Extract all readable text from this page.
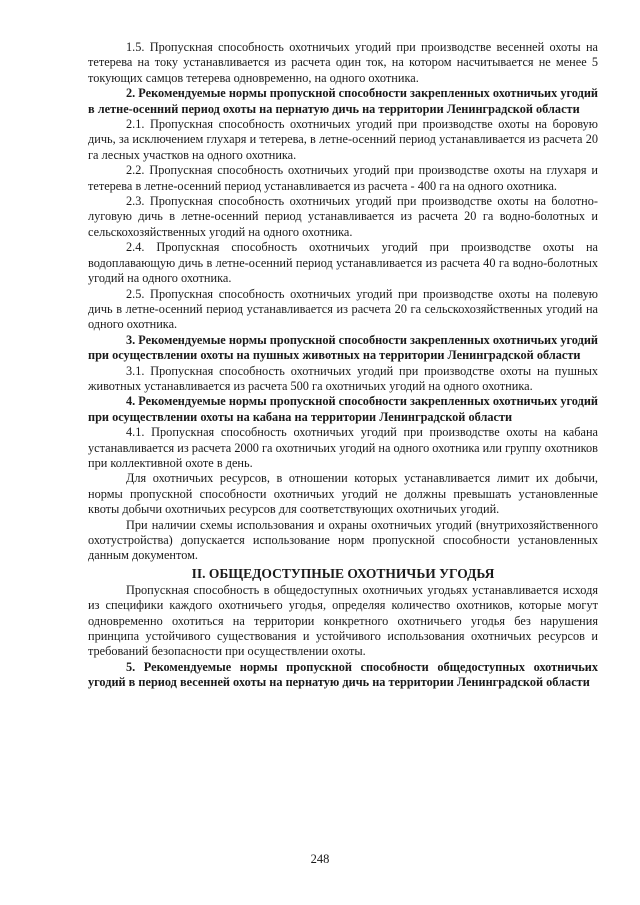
1.5. Пропускная способность охотничьих угодий при производстве весенней охоты на тетерева на току устанавливается из расчета один ток, на котором насчитывается не менее 5 токующих самцов тетерева одновременно, на одного охотника.

2. Рекомендуемые нормы пропускной способности закрепленных охотничьих угодий в летне-осенний период охоты на пернатую дичь на территории Ленинградской области

2.1. Пропускная способность охотничьих угодий при производстве охоты на боровую дичь, за исключением глухаря и тетерева, в летне-осенний период устанавливается из расчета 20 га лесных участков на одного охотника.

2.2. Пропускная способность охотничьих угодий при производстве охоты на глухаря и тетерева в летне-осенний период устанавливается из расчета - 400 га на одного охотника.

2.3. Пропускная способность охотничьих угодий при производстве охоты на болотно-луговую дичь в летне-осенний период устанавливается из расчета 20 га водно-болотных и сельскохозяйственных угодий на одного охотника.

2.4. Пропускная способность охотничьих угодий при производстве охоты на водоплавающую дичь в летне-осенний период устанавливается из расчета 40 га водно-болотных угодий на одного охотника.

2.5. Пропускная способность охотничьих угодий при производстве охоты на полевую дичь в летне-осенний период устанавливается из расчета 20 га сельскохозяйственных угодий на одного охотника.

3. Рекомендуемые нормы пропускной способности закрепленных охотничьих угодий при осуществлении охоты на пушных животных на территории Ленинградской области

3.1. Пропускная способность охотничьих угодий при производстве охоты на пушных животных устанавливается из расчета 500 га охотничьих угодий на одного охотника.

4. Рекомендуемые нормы пропускной способности закрепленных охотничьих угодий при осуществлении охоты на кабана на территории Ленинградской области

4.1. Пропускная способность охотничьих угодий при производстве охоты на кабана устанавливается из расчета 2000 га охотничьих угодий на одного охотника или группу охотников при коллективной охоте в день.

Для охотничьих ресурсов, в отношении которых устанавливается лимит их добычи, нормы пропускной способности охотничьих угодий не должны превышать установленные квоты добычи охотничьих ресурсов для соответствующих охотничьих угодий.

При наличии схемы использования и охраны охотничьих угодий (внутрихозяйственного охотустройства) допускается использование норм пропускной способности установленных данным документом.

II. ОБЩЕДОСТУПНЫЕ ОХОТНИЧЬИ УГОДЬЯ

Пропускная способность в общедоступных охотничьих угодьях устанавливается исходя из специфики каждого охотничьего угодья, определяя количество охотников, которые могут одновременно охотиться на территории конкретного охотничьего угодья без нарушения принципа устойчивого существования и устойчивого использования охотничьих ресурсов и требований безопасности при осуществлении охоты.

5. Рекомендуемые нормы пропускной способности общедоступных охотничьих угодий в период весенней охоты на пернатую дичь на территории Ленинградской области

248
